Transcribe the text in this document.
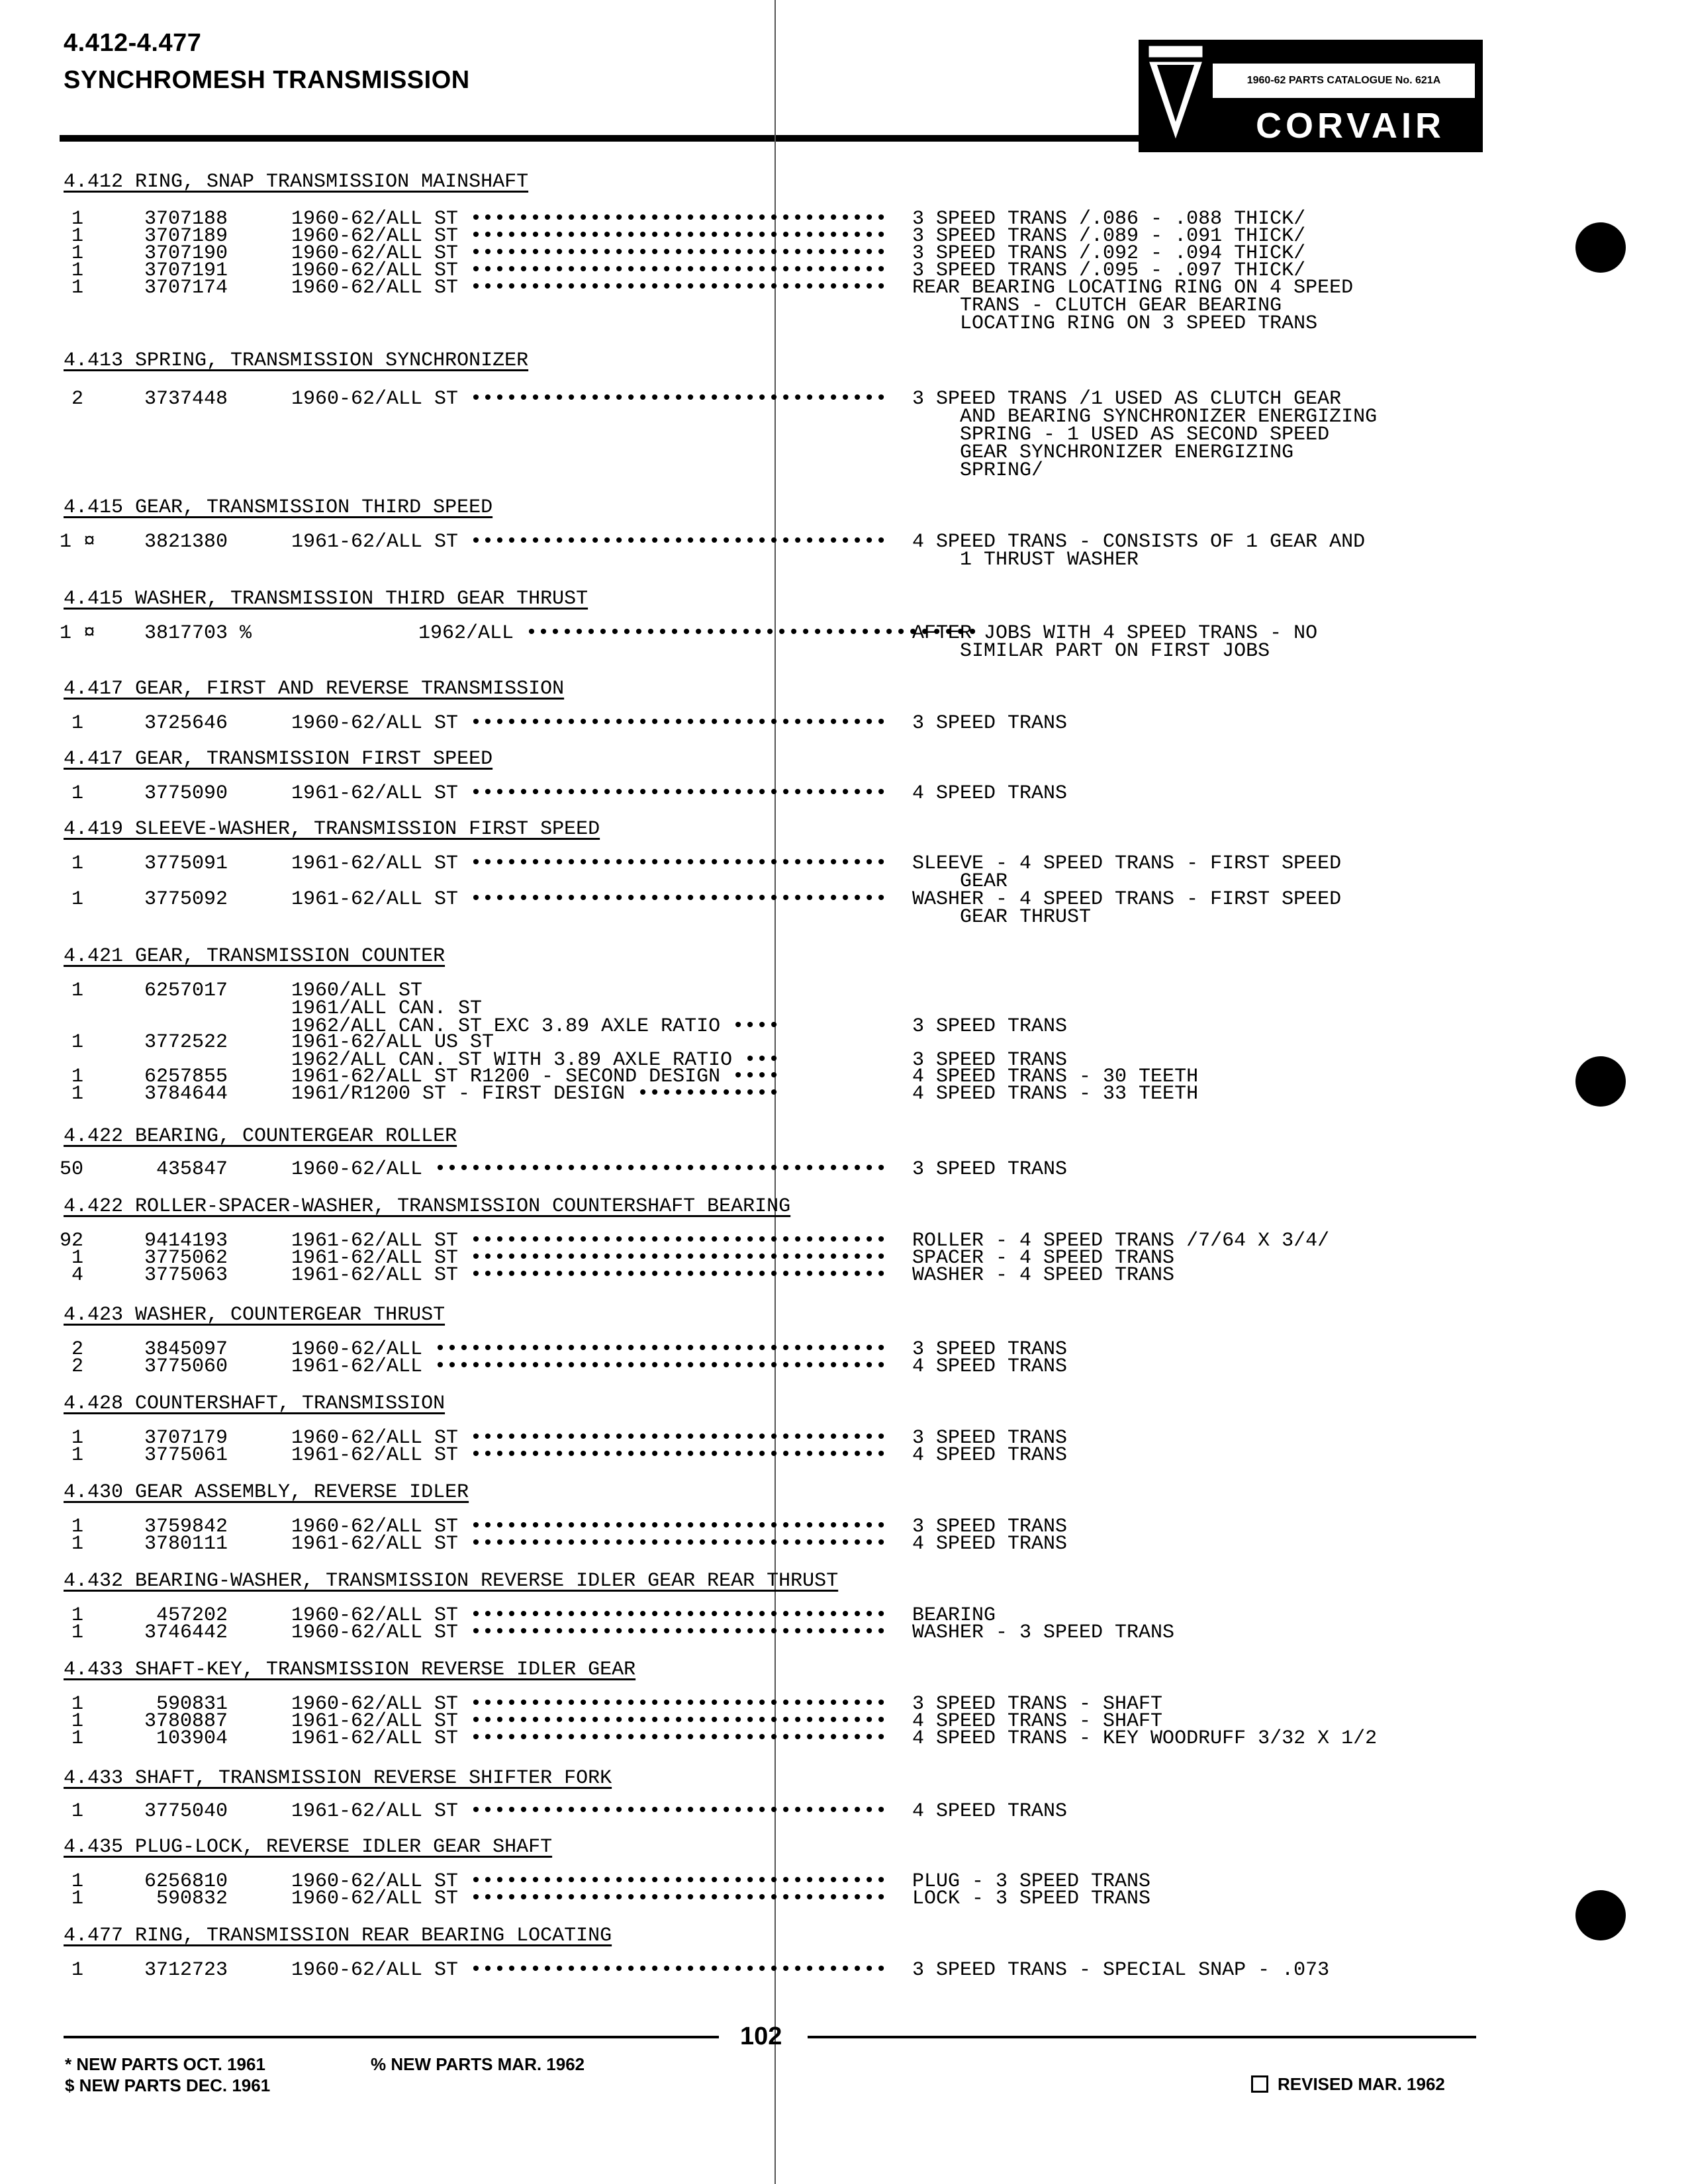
4.412-4.477
SYNCHROMESH TRANSMISSION	1960-62 PARTS CATALOGUE No. 621A
CORVAIR
4.412 RING, SNAP TRANSMISSION MAINSHAFT
1	3707188	1960-62/ALL ST ••••••••••••••••••••••••••••••••••• 3 SPEED TRANS /.086 - .088 THICK/
1	3707189	1960-62/ALL ST ••••••••••••••••••••••••••••••••••• 3 SPEED TRANS /.089 - .091 THICK/
1	3707190	1960-62/ALL ST ••••••••••••••••••••••••••••••••••• 3 SPEED TRANS /.092 - .094 THICK/
1	3707191	1960-62/ALL ST ••••••••••••••••••••••••••••••••••• 3 SPEED TRANS /.095 - .097 THICK/
1	3707174	1960-62/ALL ST ••••••••••••••••••••••••••••••••••• REAR BEARING LOCATING RING ON 4 SPEED
TRANS - CLUTCH GEAR BEARING
LOCATING RING ON 3 SPEED TRANS
4.413 SPRING, TRANSMISSION SYNCHRONIZER
2	3737448	1960-62/ALL ST ••••••••••••••••••••••••••••••••••• 3 SPEED TRANS /1 USED AS CLUTCH GEAR
AND BEARING SYNCHRONIZER ENERGIZING
SPRING - 1 USED AS SECOND SPEED
GEAR SYNCHRONIZER ENERGIZING
SPRING/
4.415 GEAR, TRANSMISSION THIRD SPEED
1 ¤	3821380	1961-62/ALL ST ••••••••••••••••••••••••••••••••••• 4 SPEED TRANS - CONSISTS OF 1 GEAR AND
1 THRUST WASHER
4.415 WASHER, TRANSMISSION THIRD GEAR THRUST
1 ¤	3817703 %	1962/ALL ••••••••••••••••••••••••••••••••••••••
AFTER JOBS WITH 4 SPEED TRANS - NO
SIMILAR PART ON FIRST JOBS
4.417 GEAR, FIRST AND REVERSE TRANSMISSION
1	3725646	1960-62/ALL ST ••••••••••••••••••••••••••••••••••• 3 SPEED TRANS
4.417 GEAR, TRANSMISSION FIRST SPEED
1	3775090	1961-62/ALL ST ••••••••••••••••••••••••••••••••••• 4 SPEED TRANS
4.419 SLEEVE-WASHER, TRANSMISSION FIRST SPEED
1	3775091	1961-62/ALL ST ••••••••••••••••••••••••••••••••••• SLEEVE - 4 SPEED TRANS - FIRST SPEED
GEAR
1	3775092	1961-62/ALL ST ••••••••••••••••••••••••••••••••••• WASHER - 4 SPEED TRANS - FIRST SPEED
GEAR THRUST
4.421 GEAR, TRANSMISSION COUNTER
1	6257017	1960/ALL ST
1961/ALL CAN. ST
1962/ALL CAN. ST EXC 3.89 AXLE RATIO ••••	

3 SPEED TRANS
1	3772522	1961-62/ALL US ST
1962/ALL CAN. ST WITH 3.89 AXLE RATIO •••	
3 SPEED TRANS
1	6257855	1961-62/ALL ST R1200 - SECOND DESIGN ••••	4 SPEED TRANS - 30 TEETH
1	3784644	1961/R1200 ST - FIRST DESIGN ••••••••••••	4 SPEED TRANS - 33 TEETH
4.422 BEARING, COUNTERGEAR ROLLER
50	435847	1960-62/ALL •••••••••••••••••••••••••••••••••••••• 3 SPEED TRANS
4.422 ROLLER-SPACER-WASHER, TRANSMISSION COUNTERSHAFT BEARING
92	9414193	1961-62/ALL ST ••••••••••••••••••••••••••••••••••• ROLLER - 4 SPEED TRANS /7/64 X 3/4/
1	3775062	1961-62/ALL ST ••••••••••••••••••••••••••••••••••• SPACER - 4 SPEED TRANS
4	3775063	1961-62/ALL ST ••••••••••••••••••••••••••••••••••• WASHER - 4 SPEED TRANS
4.423 WASHER, COUNTERGEAR THRUST
2	3845097	1960-62/ALL •••••••••••••••••••••••••••••••••••••• 3 SPEED TRANS
2	3775060	1961-62/ALL •••••••••••••••••••••••••••••••••••••• 4 SPEED TRANS
4.428 COUNTERSHAFT, TRANSMISSION
1	3707179	1960-62/ALL ST ••••••••••••••••••••••••••••••••••• 3 SPEED TRANS
1	3775061	1961-62/ALL ST ••••••••••••••••••••••••••••••••••• 4 SPEED TRANS
4.430 GEAR ASSEMBLY, REVERSE IDLER
1	3759842	1960-62/ALL ST ••••••••••••••••••••••••••••••••••• 3 SPEED TRANS
1	3780111	1961-62/ALL ST ••••••••••••••••••••••••••••••••••• 4 SPEED TRANS
4.432 BEARING-WASHER, TRANSMISSION REVERSE IDLER GEAR REAR THRUST
1	457202	1960-62/ALL ST ••••••••••••••••••••••••••••••••••• BEARING
1	3746442	1960-62/ALL ST ••••••••••••••••••••••••••••••••••• WASHER - 3 SPEED TRANS
4.433 SHAFT-KEY, TRANSMISSION REVERSE IDLER GEAR
1	590831	1960-62/ALL ST ••••••••••••••••••••••••••••••••••• 3 SPEED TRANS - SHAFT
1	3780887	1961-62/ALL ST ••••••••••••••••••••••••••••••••••• 4 SPEED TRANS - SHAFT
1	103904	1961-62/ALL ST ••••••••••••••••••••••••••••••••••• 4 SPEED TRANS - KEY WOODRUFF 3/32 X 1/2
4.433 SHAFT, TRANSMISSION REVERSE SHIFTER FORK
1	3775040	1961-62/ALL ST ••••••••••••••••••••••••••••••••••• 4 SPEED TRANS
4.435 PLUG-LOCK, REVERSE IDLER GEAR SHAFT
1	6256810	1960-62/ALL ST ••••••••••••••••••••••••••••••••••• PLUG - 3 SPEED TRANS
1	590832	1960-62/ALL ST ••••••••••••••••••••••••••••••••••• LOCK - 3 SPEED TRANS
4.477 RING, TRANSMISSION REAR BEARING LOCATING
1	3712723	1960-62/ALL ST ••••••••••••••••••••••••••••••••••• 3 SPEED TRANS - SPECIAL SNAP - .073
102
* NEW PARTS OCT. 1961
$ NEW PARTS DEC. 1961
% NEW PARTS MAR. 1962
REVISED MAR. 1962
